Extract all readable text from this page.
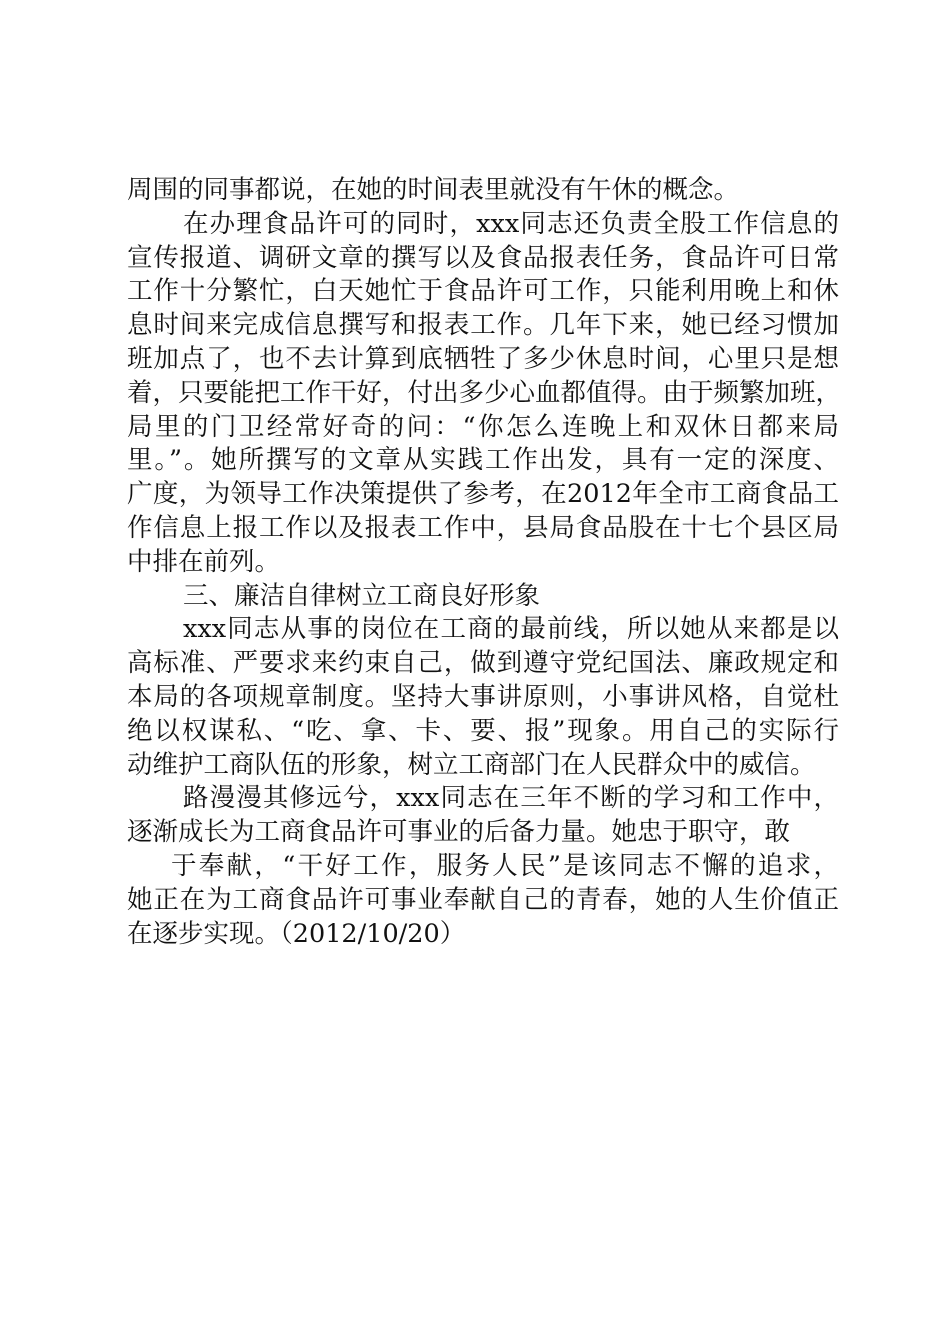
周围的同事都说，在她的时间表里就没有午休的概念。
在办理食品许可的同时，xxx同志还负责全股工作信息的
宣传报道、调研文章的撰写以及食品报表任务，食品许可日常
工作十分繁忙，白天她忙于食品许可工作，只能利用晚上和休
息时间来完成信息撰写和报表工作。几年下来，她已经习惯加
班加点了，也不去计算到底牺牲了多少休息时间，心里只是想
着，只要能把工作干好，付出多少心血都值得。由于频繁加班，
局里的门卫经常好奇的问：“你怎么连晚上和双休日都来局
里。”。她所撰写的文章从实践工作出发，具有一定的深度、
广度，为领导工作决策提供了参考，在2012年全市工商食品工
作信息上报工作以及报表工作中，县局食品股在十七个县区局
中排在前列。
三、廉洁自律树立工商良好形象
xxx同志从事的岗位在工商的最前线，所以她从来都是以
高标准、严要求来约束自己，做到遵守党纪国法、廉政规定和
本局的各项规章制度。坚持大事讲原则，小事讲风格，自觉杜
绝以权谋私、“吃、拿、卡、要、报”现象。用自己的实际行
动维护工商队伍的形象，树立工商部门在人民群众中的威信。
路漫漫其修远兮，xxx同志在三年不断的学习和工作中，
逐渐成长为工商食品许可事业的后备力量。她忠于职守，敢
于奉献，“干好工作，服务人民”是该同志不懈的追求，
她正在为工商食品许可事业奉献自己的青春，她的人生价值正
在逐步实现。（2012/10/20）
